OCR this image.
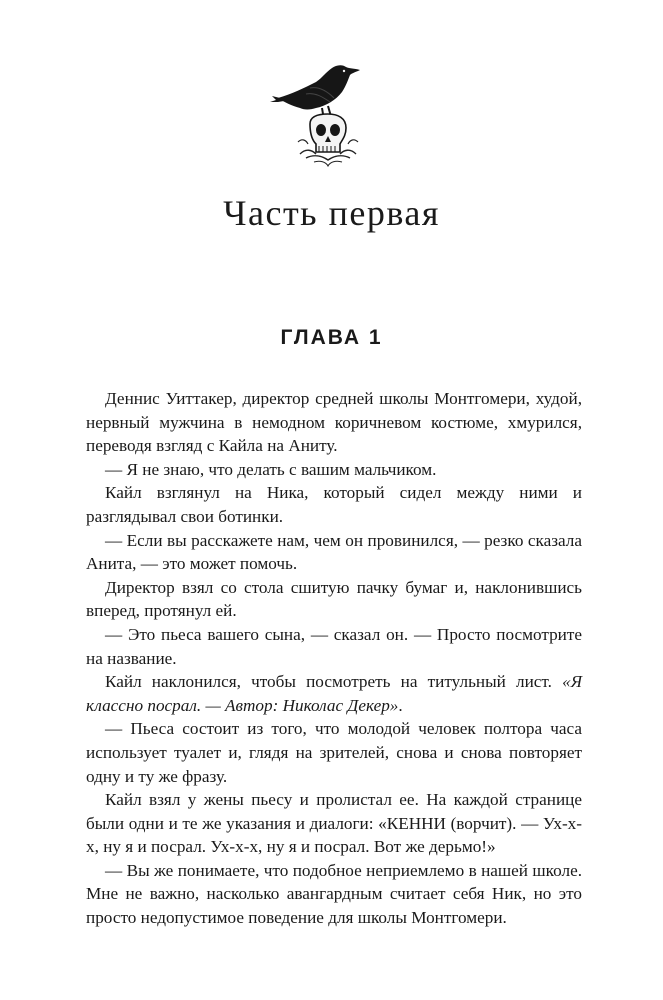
Часть первая
ГЛАВА 1

Деннис Уиттакер, директор средней школы Монтгомери, худой, нервный мужчина в немодном коричневом костюме, хмурился, переводя взгляд с Кайла на Аниту.

— Я не знаю, что делать с вашим мальчиком.

Кайл взглянул на Ника, который сидел между ними и разглядывал свои ботинки.

— Если вы расскажете нам, чем он провинился, — резко сказала Анита, — это может помочь.

Директор взял со стола сшитую пачку бумаг и, наклонившись вперед, протянул ей.

— Это пьеса вашего сына, — сказал он. — Просто посмотрите на название.

Кайл наклонился, чтобы посмотреть на титульный лист. «Я классно посрал. — Автор: Николас Декер».

— Пьеса состоит из того, что молодой человек полтора часа использует туалет и, глядя на зрителей, снова и снова повторяет одну и ту же фразу.

Кайл взял у жены пьесу и пролистал ее. На каждой странице были одни и те же указания и диалоги: «КЕННИ (ворчит). — Ух-х-х, ну я и посрал. Ух-х-х, ну я и посрал. Вот же дерьмо!»

— Вы же понимаете, что подобное неприемлемо в нашей школе. Мне не важно, насколько авангардным считает себя Ник, но это просто недопустимое поведение для школы Монтгомери.
